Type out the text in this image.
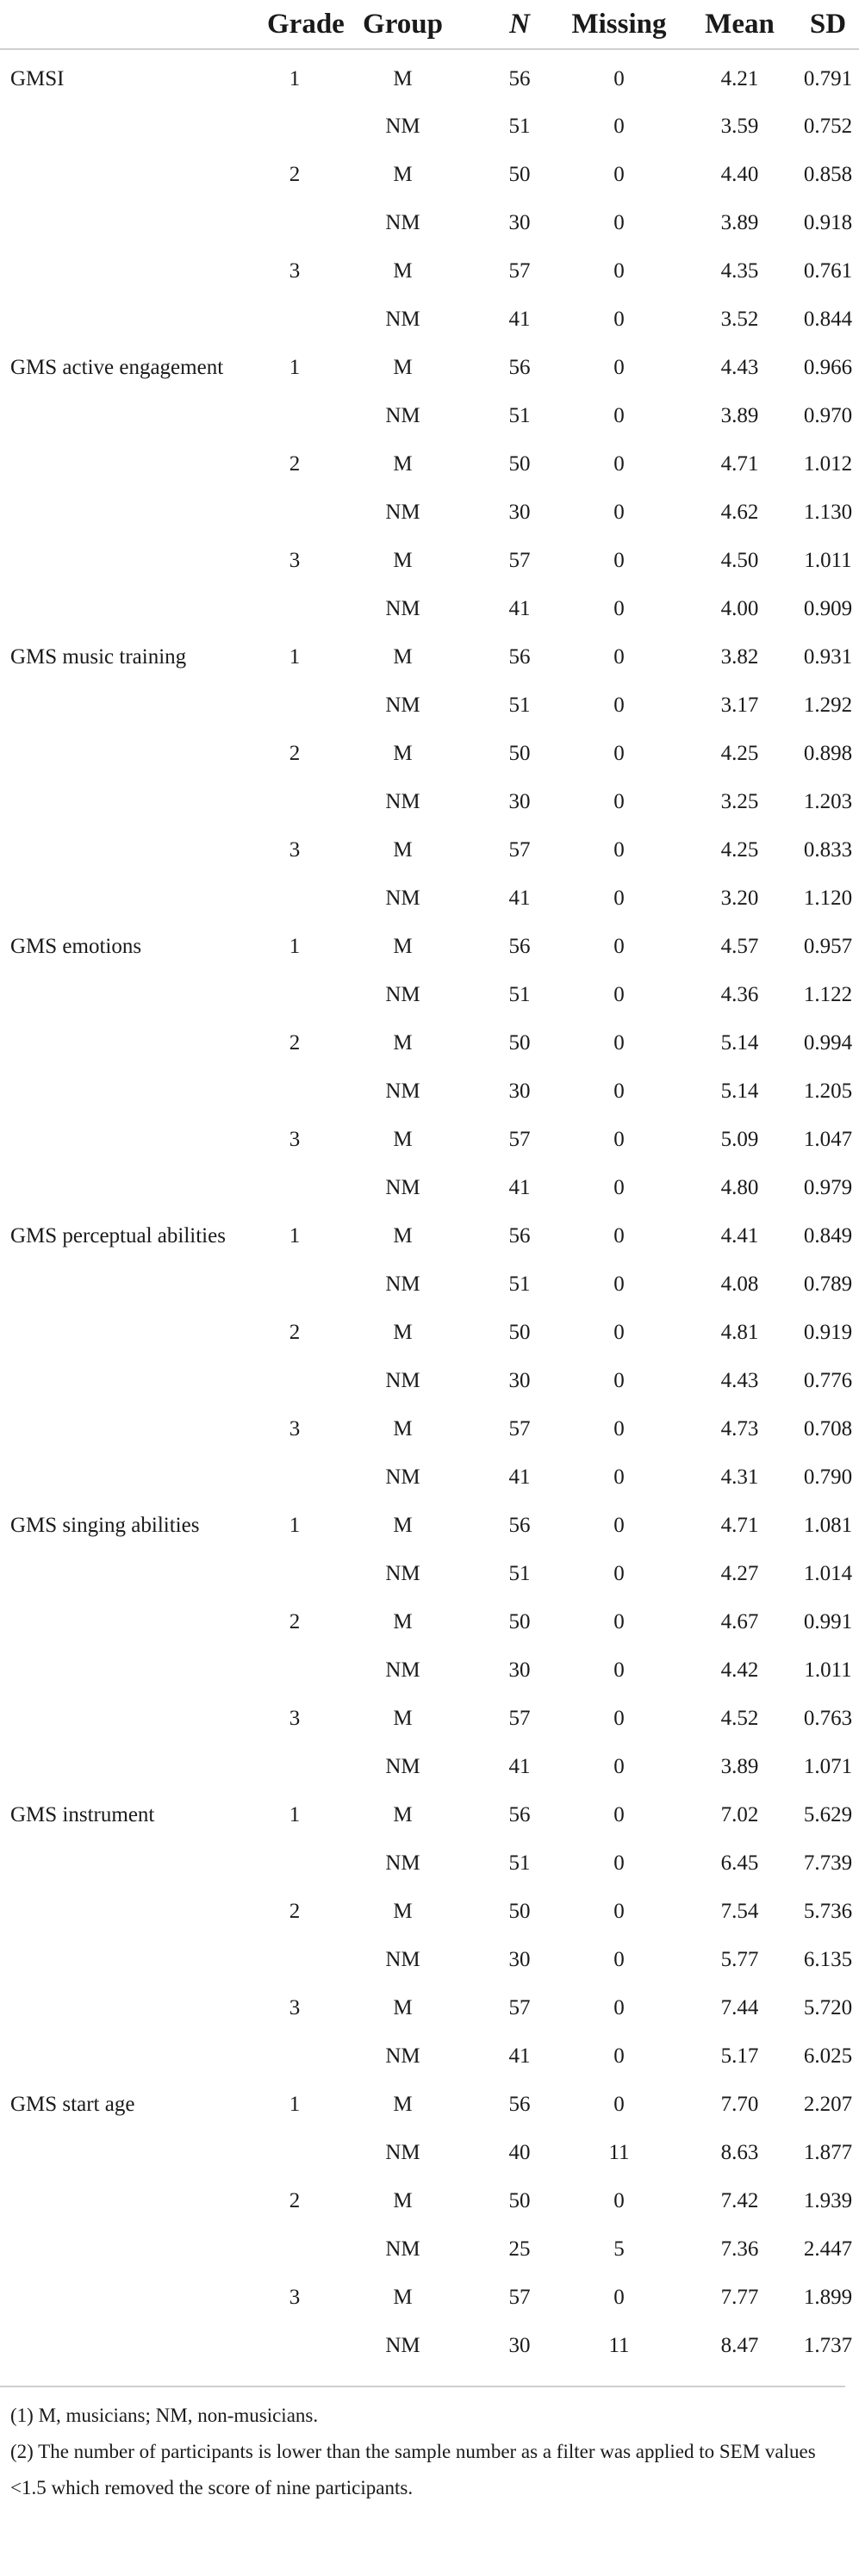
	Grade	Group	N	Missing	Mean	SD
GMSI	1	M	56	0	4.21	0.791
		NM	51	0	3.59	0.752
	2	M	50	0	4.40	0.858
		NM	30	0	3.89	0.918
	3	M	57	0	4.35	0.761
		NM	41	0	3.52	0.844
GMS active engagement	1	M	56	0	4.43	0.966
		NM	51	0	3.89	0.970
	2	M	50	0	4.71	1.012
		NM	30	0	4.62	1.130
	3	M	57	0	4.50	1.011
		NM	41	0	4.00	0.909
GMS music training	1	M	56	0	3.82	0.931
		NM	51	0	3.17	1.292
	2	M	50	0	4.25	0.898
		NM	30	0	3.25	1.203
	3	M	57	0	4.25	0.833
		NM	41	0	3.20	1.120
GMS emotions	1	M	56	0	4.57	0.957
		NM	51	0	4.36	1.122
	2	M	50	0	5.14	0.994
		NM	30	0	5.14	1.205
	3	M	57	0	5.09	1.047
		NM	41	0	4.80	0.979
GMS perceptual abilities	1	M	56	0	4.41	0.849
		NM	51	0	4.08	0.789
	2	M	50	0	4.81	0.919
		NM	30	0	4.43	0.776
	3	M	57	0	4.73	0.708
		NM	41	0	4.31	0.790
GMS singing abilities	1	M	56	0	4.71	1.081
		NM	51	0	4.27	1.014
	2	M	50	0	4.67	0.991
		NM	30	0	4.42	1.011
	3	M	57	0	4.52	0.763
		NM	41	0	3.89	1.071
GMS instrument	1	M	56	0	7.02	5.629
		NM	51	0	6.45	7.739
	2	M	50	0	7.54	5.736
		NM	30	0	5.77	6.135
	3	M	57	0	7.44	5.720
		NM	41	0	5.17	6.025
GMS start age	1	M	56	0	7.70	2.207
		NM	40	11	8.63	1.877
	2	M	50	0	7.42	1.939
		NM	25	5	7.36	2.447
	3	M	57	0	7.77	1.899
		NM	30	11	8.47	1.737
(1) M, musicians; NM, non-musicians.
(2) The number of participants is lower than the sample number as a filter was applied to SEM values <1.5 which removed the score of nine participants.
